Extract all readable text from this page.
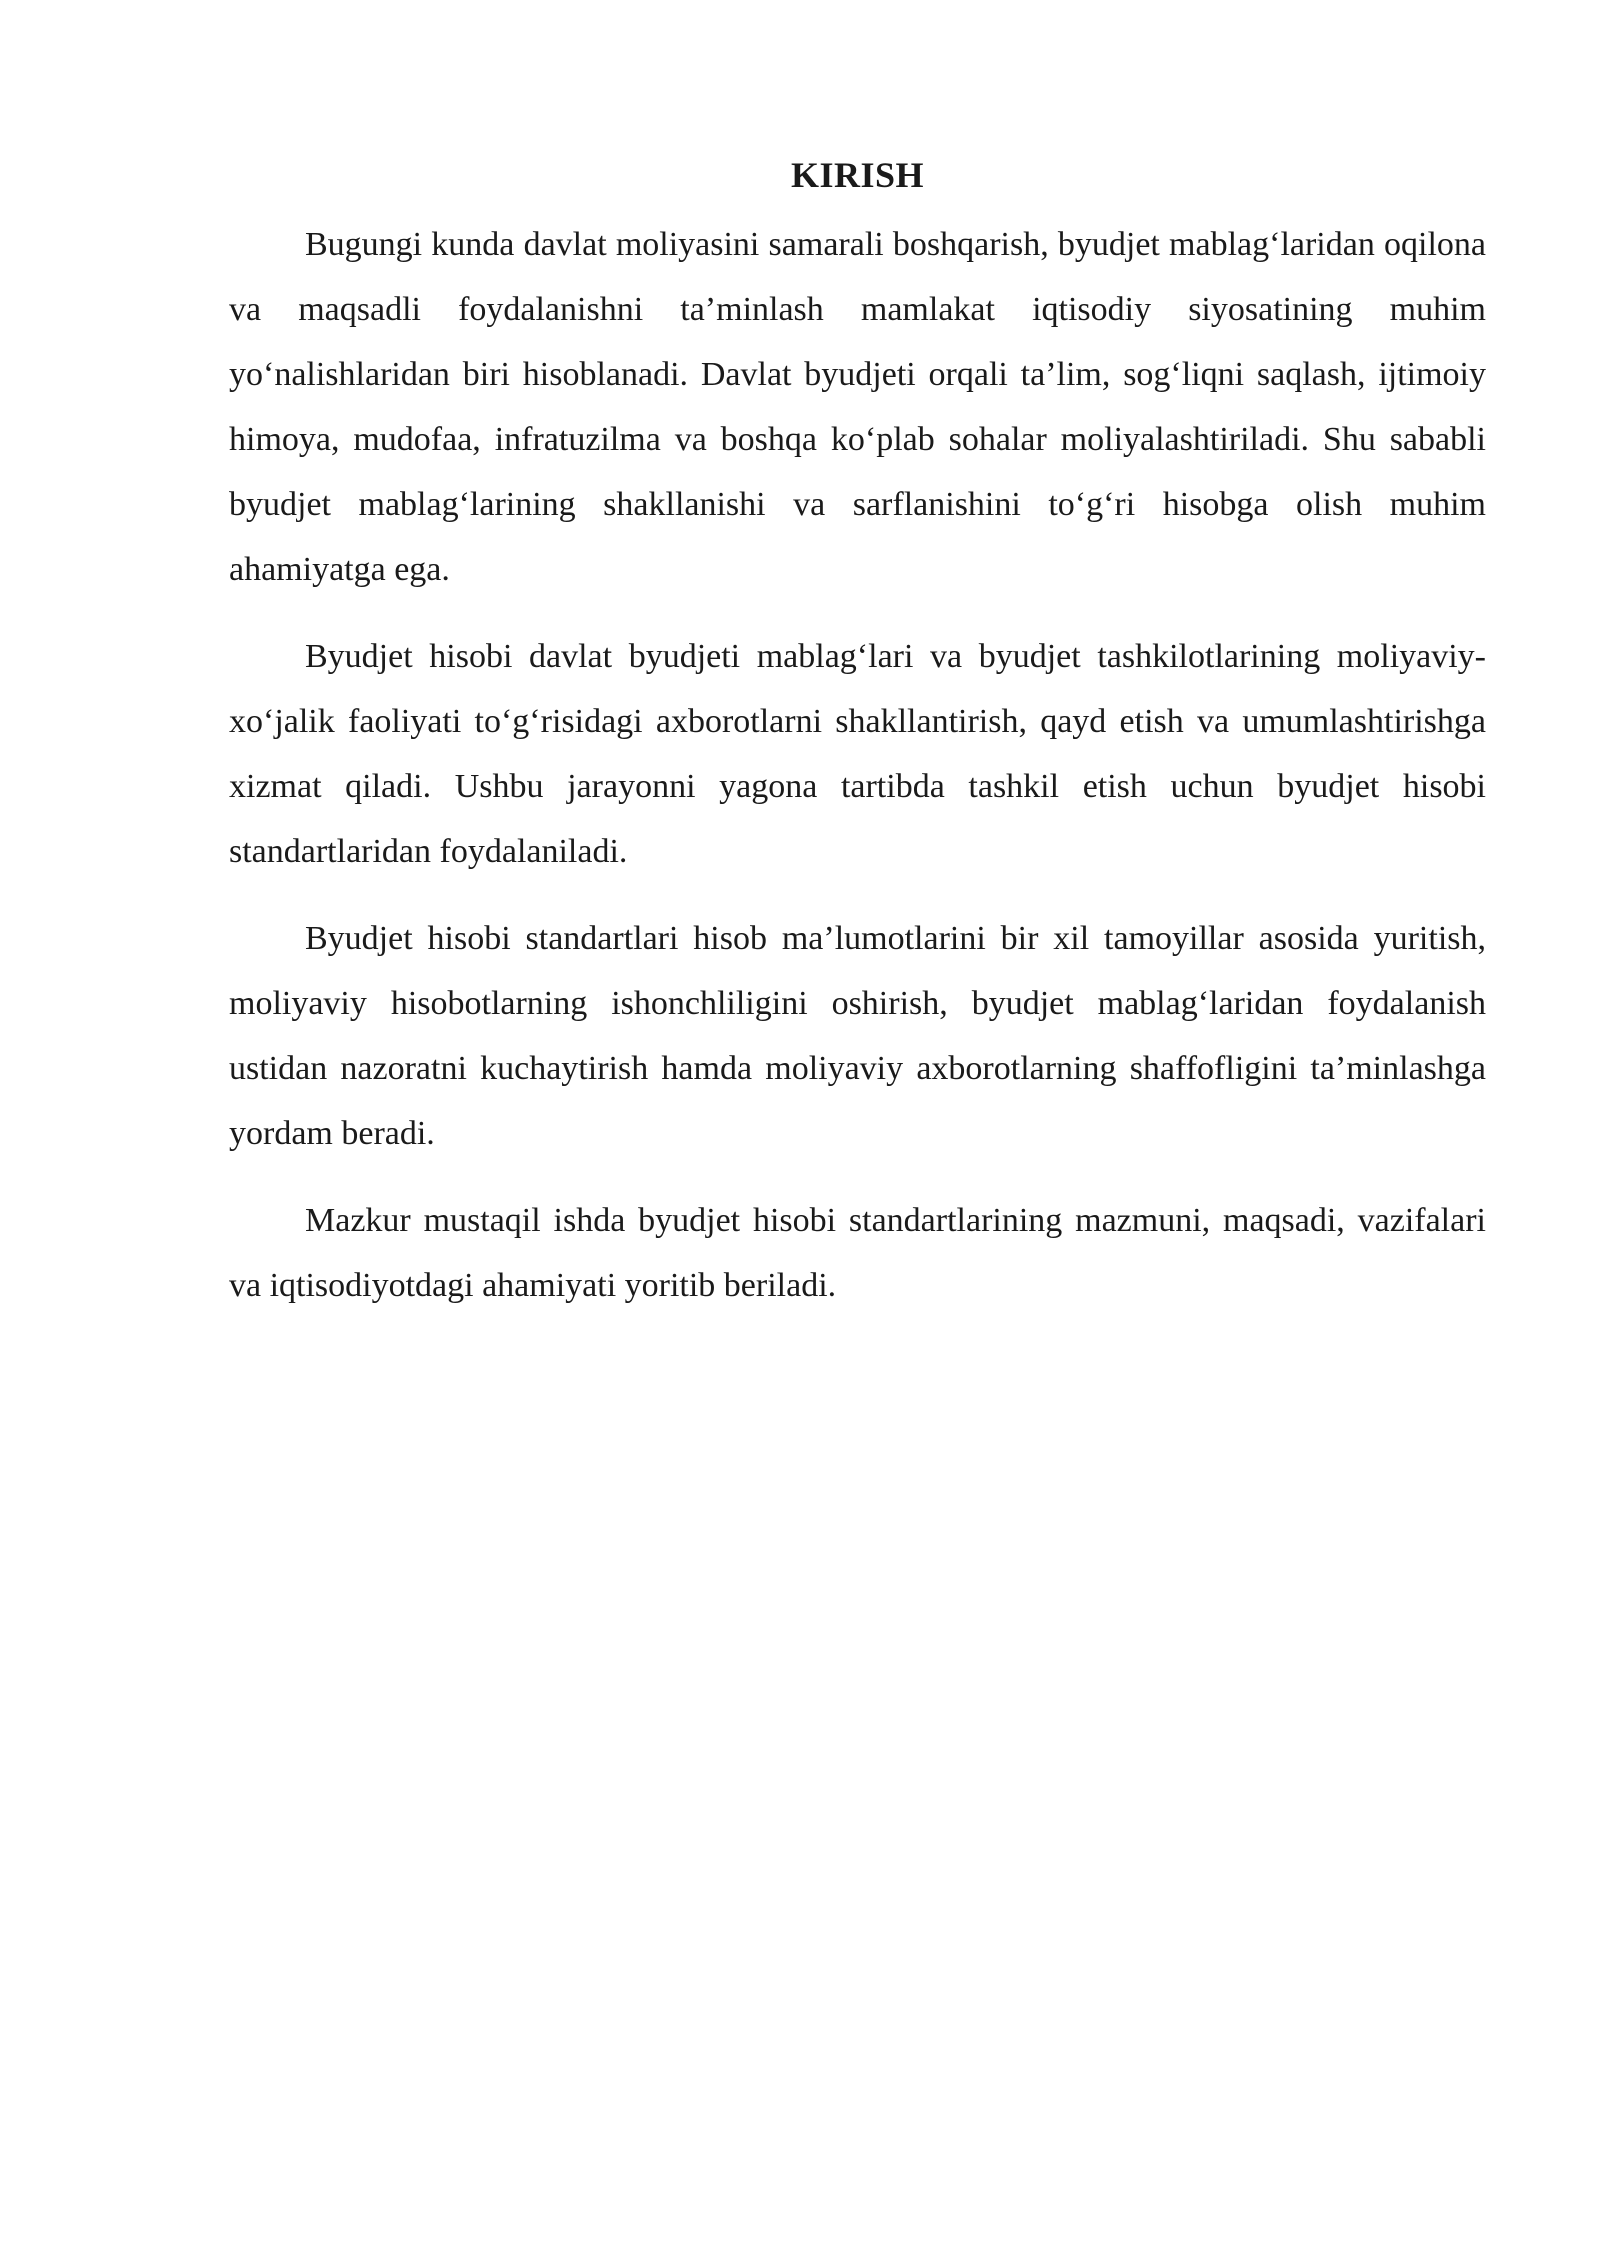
KIRISH

Bugungi kunda davlat moliyasini samarali boshqarish, byudjet mablag‘laridan oqilona va maqsadli foydalanishni ta’minlash mamlakat iqtisodiy siyosatining muhim yo‘nalishlaridan biri hisoblanadi. Davlat byudjeti orqali ta’lim, sog‘liqni saqlash, ijtimoiy himoya, mudofaa, infratuzilma va boshqa ko‘plab sohalar moliyalashtiriladi. Shu sababli byudjet mablag‘larining shakllanishi va sarflanishini to‘g‘ri hisobga olish muhim ahamiyatga ega.

Byudjet hisobi davlat byudjeti mablag‘lari va byudjet tashkilotlarining moliyaviy-xo‘jalik faoliyati to‘g‘risidagi axborotlarni shakllantirish, qayd etish va umumlashtirishga xizmat qiladi. Ushbu jarayonni yagona tartibda tashkil etish uchun byudjet hisobi standartlaridan foydalaniladi.

Byudjet hisobi standartlari hisob ma’lumotlarini bir xil tamoyillar asosida yuritish, moliyaviy hisobotlarning ishonchliligini oshirish, byudjet mablag‘laridan foydalanish ustidan nazoratni kuchaytirish hamda moliyaviy axborotlarning shaffofligini ta’minlashga yordam beradi.

Mazkur mustaqil ishda byudjet hisobi standartlarining mazmuni, maqsadi, vazifalari va iqtisodiyotdagi ahamiyati yoritib beriladi.
